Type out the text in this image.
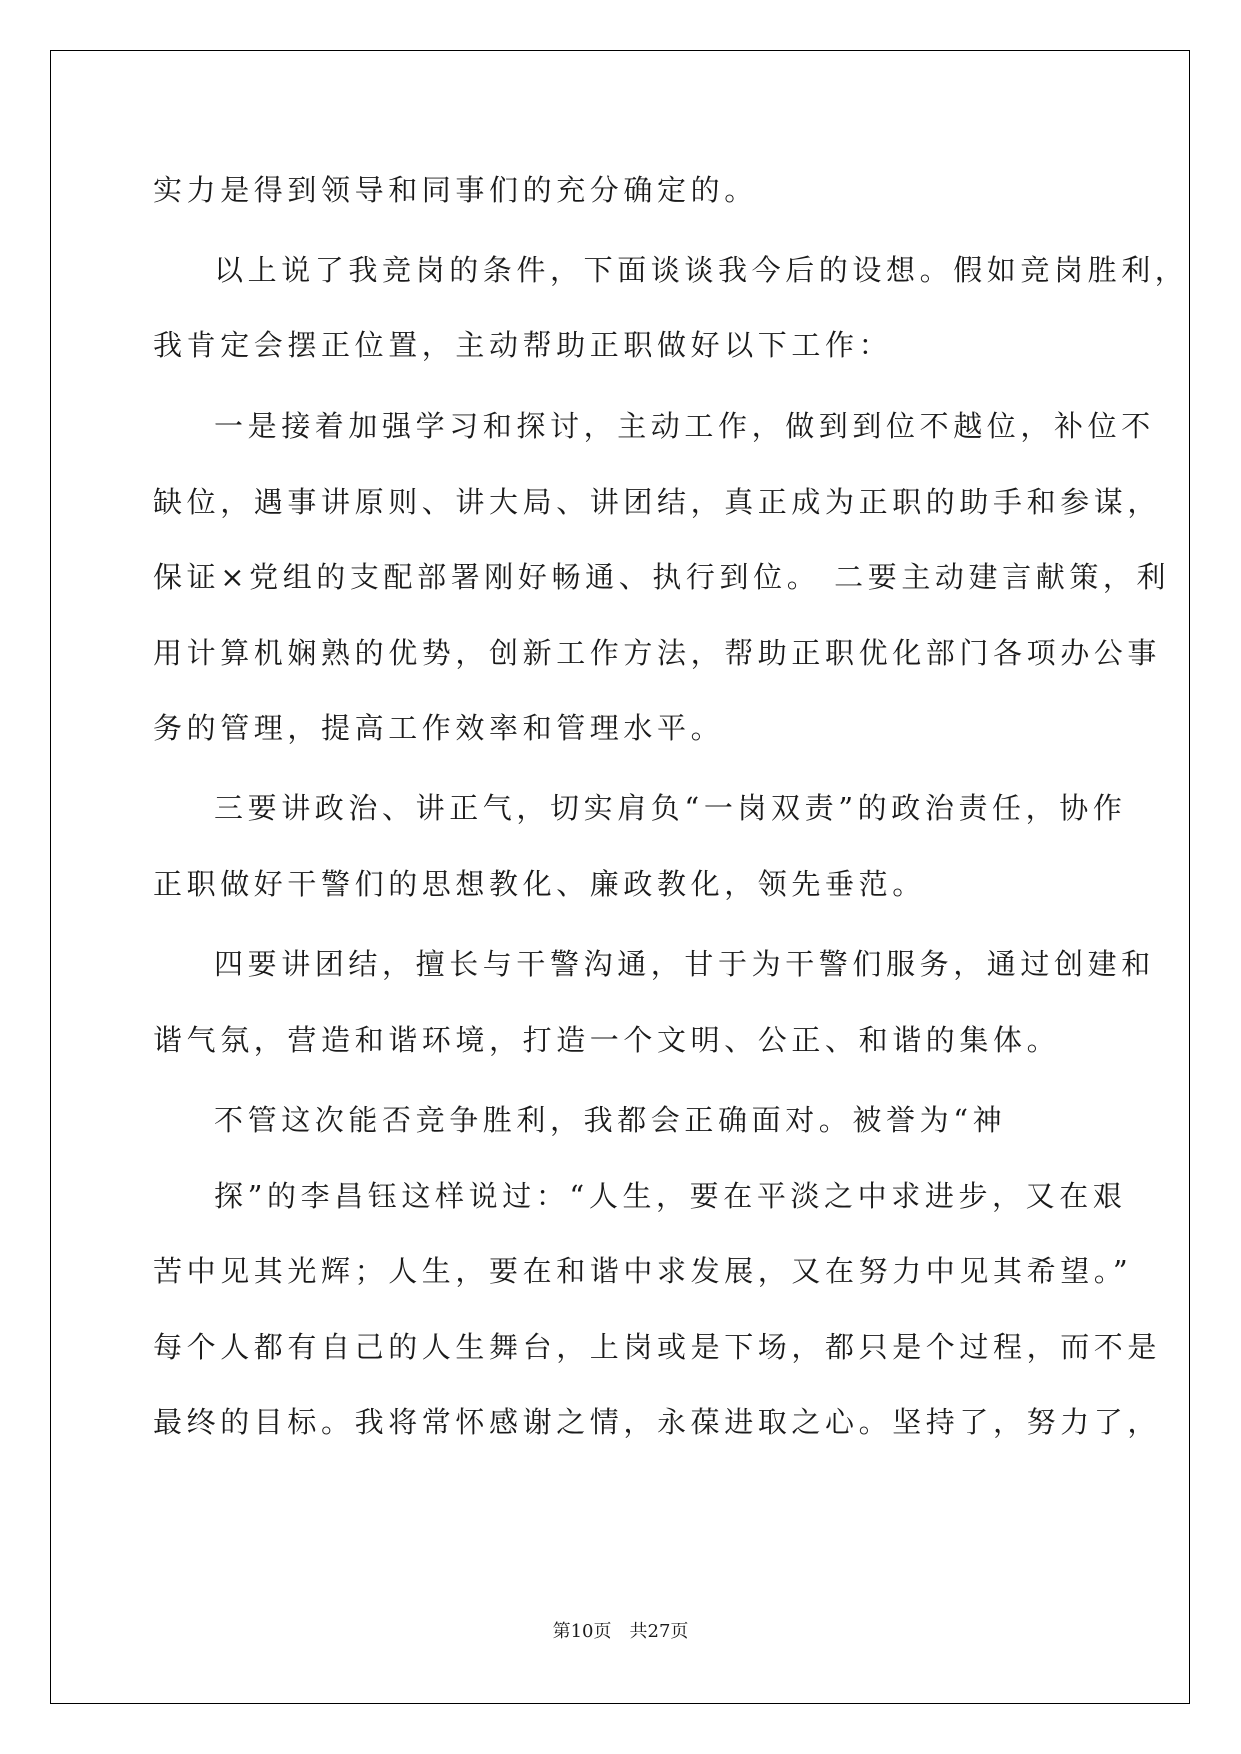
实力是得到领导和同事们的充分确定的。

以上说了我竞岗的条件，下面谈谈我今后的设想。假如竞岗胜利，

我肯定会摆正位置，主动帮助正职做好以下工作：

一是接着加强学习和探讨，主动工作，做到到位不越位，补位不

缺位，遇事讲原则、讲大局、讲团结，真正成为正职的助手和参谋，

保证×党组的支配部署刚好畅通、执行到位。 二要主动建言献策，利

用计算机娴熟的优势，创新工作方法，帮助正职优化部门各项办公事

务的管理，提高工作效率和管理水平。

三要讲政治、讲正气，切实肩负“一岗双责”的政治责任，协作

正职做好干警们的思想教化、廉政教化，领先垂范。

四要讲团结，擅长与干警沟通，甘于为干警们服务，通过创建和

谐气氛，营造和谐环境，打造一个文明、公正、和谐的集体。

不管这次能否竞争胜利，我都会正确面对。被誉为“神

探”的李昌钰这样说过：“人生，要在平淡之中求进步，又在艰

苦中见其光辉；人生，要在和谐中求发展，又在努力中见其希望。”

每个人都有自己的人生舞台，上岗或是下场，都只是个过程，而不是

最终的目标。我将常怀感谢之情，永葆进取之心。坚持了，努力了，

第10页 共27页
